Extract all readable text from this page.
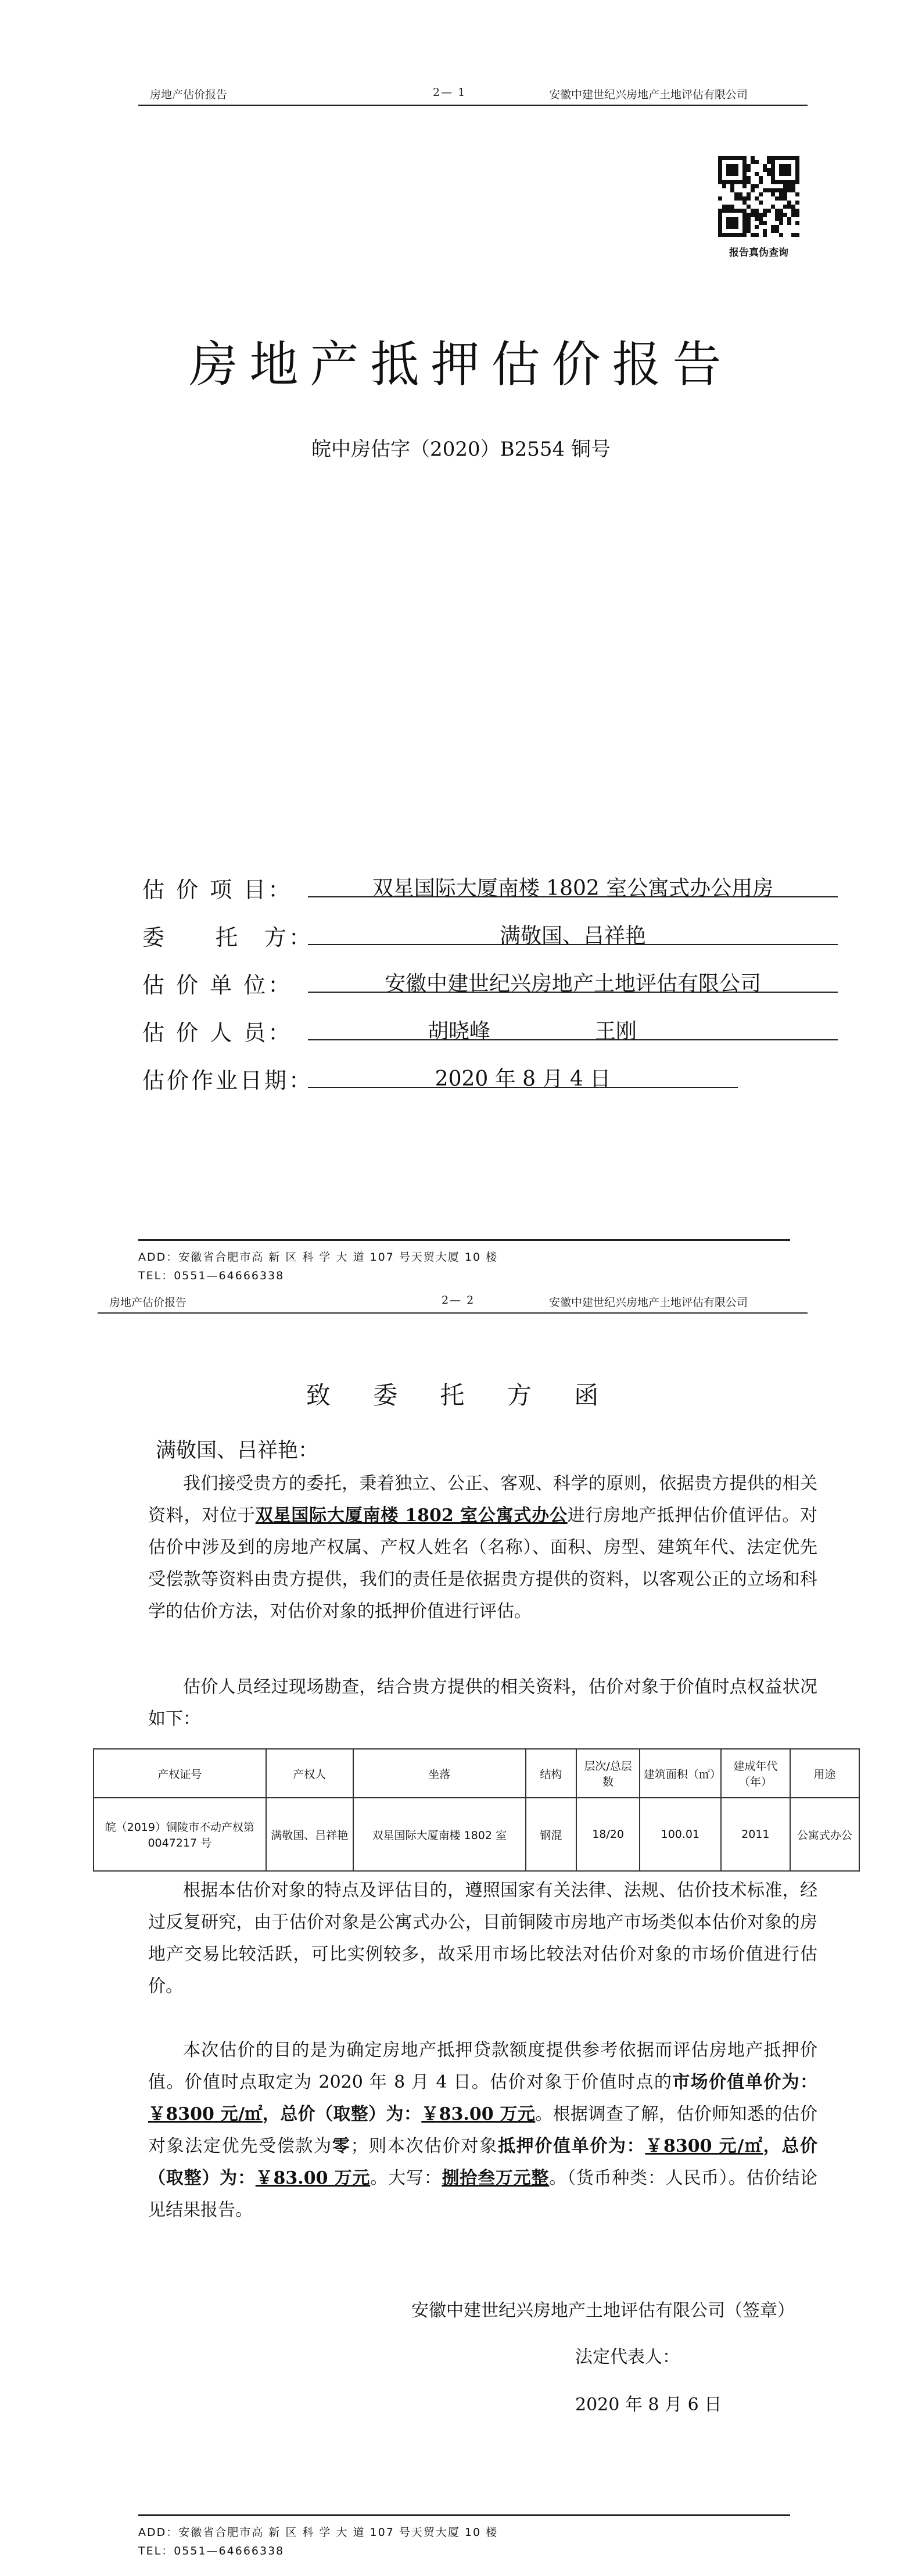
房地产估价报告	2— 1	安徽中建世纪兴房地产土地评估有限公司
报告真伪查询
房地产抵押估价报告
皖中房估字（2020）B2554 铜号
估 价 项 目：	双星国际大厦南楼 1802 室公寓式办公用房
委　　托　方：	满敬国、吕祥艳
估 价 单 位：	安徽中建世纪兴房地产土地评估有限公司
估 价 人 员：	胡晓峰	王刚
估价作业日期：	2020 年 8 月 4 日
ADD：安徽省合肥市高 新 区 科 学 大 道 107 号天贸大厦 10 楼
TEL：0551—64666338
房地产估价报告	2— 2	安徽中建世纪兴房地产土地评估有限公司
致 委 托 方 函
满敬国、吕祥艳：
我们接受贵方的委托，秉着独立、公正、客观、科学的原则，依据贵方提供的相关资料，对位于双星国际大厦南楼 1802 室公寓式办公进行房地产抵押估价值评估。对估价中涉及到的房地产权属、产权人姓名（名称）、面积、房型、建筑年代、法定优先受偿款等资料由贵方提供，我们的责任是依据贵方提供的资料，以客观公正的立场和科学的估价方法，对估价对象的抵押价值进行评估。
估价人员经过现场勘查，结合贵方提供的相关资料，估价对象于价值时点权益状况如下：
产权证号	产权人	坐落	结构	层次/总层数	建筑面积（㎡）	建成年代（年）	用途
皖（2019）铜陵市不动产权第 0047217 号	满敬国、吕祥艳	双星国际大厦南楼 1802 室	钢混	18/20	100.01	2011	公寓式办公
根据本估价对象的特点及评估目的，遵照国家有关法律、法规、估价技术标准，经过反复研究，由于估价对象是公寓式办公，目前铜陵市房地产市场类似本估价对象的房地产交易比较活跃，可比实例较多，故采用市场比较法对估价对象的市场价值进行估价。
本次估价的目的是为确定房地产抵押贷款额度提供参考依据而评估房地产抵押价值。价值时点取定为 2020 年 8 月 4 日。估价对象于价值时点的市场价值单价为：￥8300 元/㎡，总价（取整）为：￥83.00 万元。根据调查了解，估价师知悉的估价对象法定优先受偿款为零；则本次估价对象抵押价值单价为：￥8300 元/㎡，总价（取整）为：￥83.00 万元。大写：捌拾叁万元整。（货币种类：人民币）。估价结论见结果报告。
安徽中建世纪兴房地产土地评估有限公司（签章）
法定代表人：
2020 年 8 月 6 日
ADD：安徽省合肥市高 新 区 科 学 大 道 107 号天贸大厦 10 楼
TEL：0551—64666338
